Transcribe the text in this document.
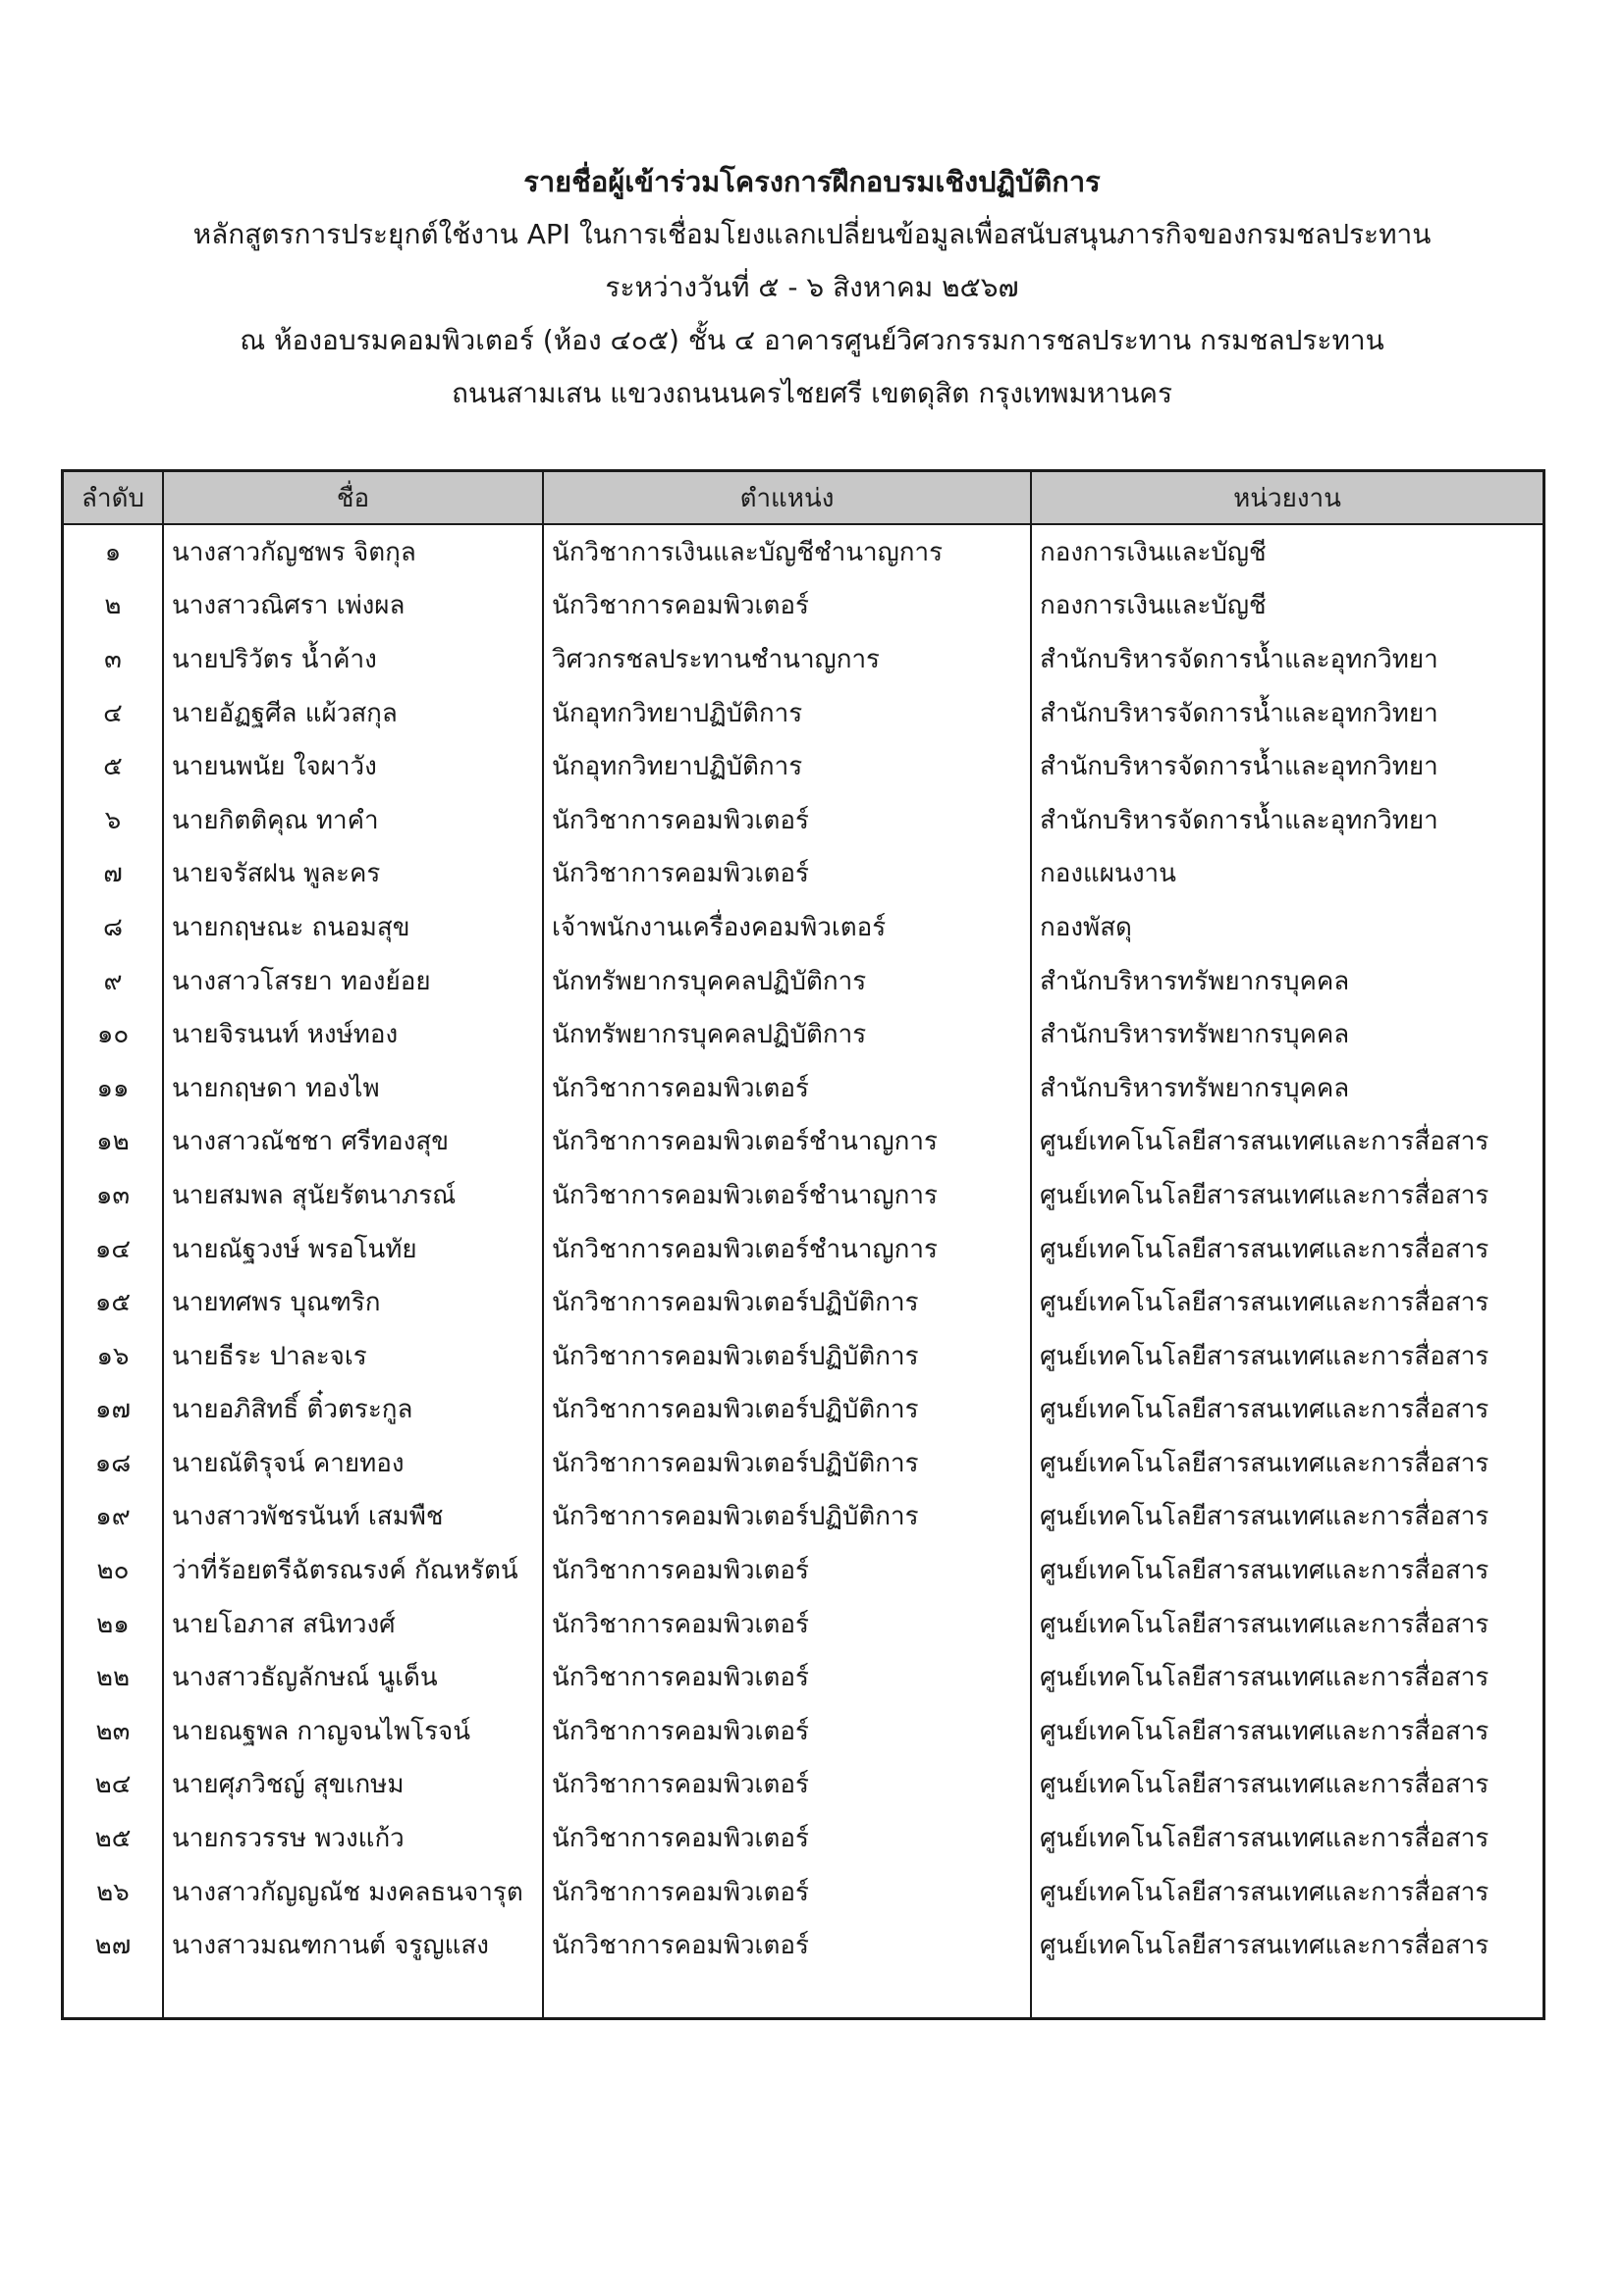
รายชื่อผู้เข้าร่วมโครงการฝึกอบรมเชิงปฏิบัติการ
หลักสูตรการประยุกต์ใช้งาน API ในการเชื่อมโยงแลกเปลี่ยนข้อมูลเพื่อสนับสนุนภารกิจของกรมชลประทาน
ระหว่างวันที่ ๕ - ๖ สิงหาคม ๒๕๖๗
ณ ห้องอบรมคอมพิวเตอร์ (ห้อง ๔๐๕) ชั้น ๔ อาคารศูนย์วิศวกรรมการชลประทาน กรมชลประทาน
ถนนสามเสน แขวงถนนนครไชยศรี เขตดุสิต กรุงเทพมหานคร
ลำดับ	ชื่อ	ตำแหน่ง	หน่วยงาน
๑	นางสาวกัญชพร จิตกุล	นักวิชาการเงินและบัญชีชำนาญการ	กองการเงินและบัญชี
๒	นางสาวณิศรา เพ่งผล	นักวิชาการคอมพิวเตอร์	กองการเงินและบัญชี
๓	นายปริวัตร น้ำค้าง	วิศวกรชลประทานชำนาญการ	สำนักบริหารจัดการน้ำและอุทกวิทยา
๔	นายอัฏฐศีล แผ้วสกุล	นักอุทกวิทยาปฏิบัติการ	สำนักบริหารจัดการน้ำและอุทกวิทยา
๕	นายนพนัย ใจผาวัง	นักอุทกวิทยาปฏิบัติการ	สำนักบริหารจัดการน้ำและอุทกวิทยา
๖	นายกิตติคุณ ทาคำ	นักวิชาการคอมพิวเตอร์	สำนักบริหารจัดการน้ำและอุทกวิทยา
๗	นายจรัสฝน พูละคร	นักวิชาการคอมพิวเตอร์	กองแผนงาน
๘	นายกฤษณะ ถนอมสุข	เจ้าพนักงานเครื่องคอมพิวเตอร์	กองพัสดุ
๙	นางสาวโสรยา ทองย้อย	นักทรัพยากรบุคคลปฏิบัติการ	สำนักบริหารทรัพยากรบุคคล
๑๐	นายจิรนนท์ หงษ์ทอง	นักทรัพยากรบุคคลปฏิบัติการ	สำนักบริหารทรัพยากรบุคคล
๑๑	นายกฤษดา ทองไพ	นักวิชาการคอมพิวเตอร์	สำนักบริหารทรัพยากรบุคคล
๑๒	นางสาวณัชชา ศรีทองสุข	นักวิชาการคอมพิวเตอร์ชำนาญการ	ศูนย์เทคโนโลยีสารสนเทศและการสื่อสาร
๑๓	นายสมพล สุนัยรัตนาภรณ์	นักวิชาการคอมพิวเตอร์ชำนาญการ	ศูนย์เทคโนโลยีสารสนเทศและการสื่อสาร
๑๔	นายณัฐวงษ์ พรอโนทัย	นักวิชาการคอมพิวเตอร์ชำนาญการ	ศูนย์เทคโนโลยีสารสนเทศและการสื่อสาร
๑๕	นายทศพร บุณฑริก	นักวิชาการคอมพิวเตอร์ปฏิบัติการ	ศูนย์เทคโนโลยีสารสนเทศและการสื่อสาร
๑๖	นายธีระ ปาละจเร	นักวิชาการคอมพิวเตอร์ปฏิบัติการ	ศูนย์เทคโนโลยีสารสนเทศและการสื่อสาร
๑๗	นายอภิสิทธิ์ ติ๋วตระกูล	นักวิชาการคอมพิวเตอร์ปฏิบัติการ	ศูนย์เทคโนโลยีสารสนเทศและการสื่อสาร
๑๘	นายณัติรุจน์ คายทอง	นักวิชาการคอมพิวเตอร์ปฏิบัติการ	ศูนย์เทคโนโลยีสารสนเทศและการสื่อสาร
๑๙	นางสาวพัชรนันท์ เสมพืช	นักวิชาการคอมพิวเตอร์ปฏิบัติการ	ศูนย์เทคโนโลยีสารสนเทศและการสื่อสาร
๒๐	ว่าที่ร้อยตรีฉัตรณรงค์ กัณหรัตน์	นักวิชาการคอมพิวเตอร์	ศูนย์เทคโนโลยีสารสนเทศและการสื่อสาร
๒๑	นายโอภาส สนิทวงศ์	นักวิชาการคอมพิวเตอร์	ศูนย์เทคโนโลยีสารสนเทศและการสื่อสาร
๒๒	นางสาวธัญลักษณ์ นูเด็น	นักวิชาการคอมพิวเตอร์	ศูนย์เทคโนโลยีสารสนเทศและการสื่อสาร
๒๓	นายณฐพล กาญจนไพโรจน์	นักวิชาการคอมพิวเตอร์	ศูนย์เทคโนโลยีสารสนเทศและการสื่อสาร
๒๔	นายศุภวิชญ์ สุขเกษม	นักวิชาการคอมพิวเตอร์	ศูนย์เทคโนโลยีสารสนเทศและการสื่อสาร
๒๕	นายกรวรรษ พวงแก้ว	นักวิชาการคอมพิวเตอร์	ศูนย์เทคโนโลยีสารสนเทศและการสื่อสาร
๒๖	นางสาวกัญญณัช มงคลธนจารุต	นักวิชาการคอมพิวเตอร์	ศูนย์เทคโนโลยีสารสนเทศและการสื่อสาร
๒๗	นางสาวมณฑกานต์ จรูญแสง	นักวิชาการคอมพิวเตอร์	ศูนย์เทคโนโลยีสารสนเทศและการสื่อสาร
